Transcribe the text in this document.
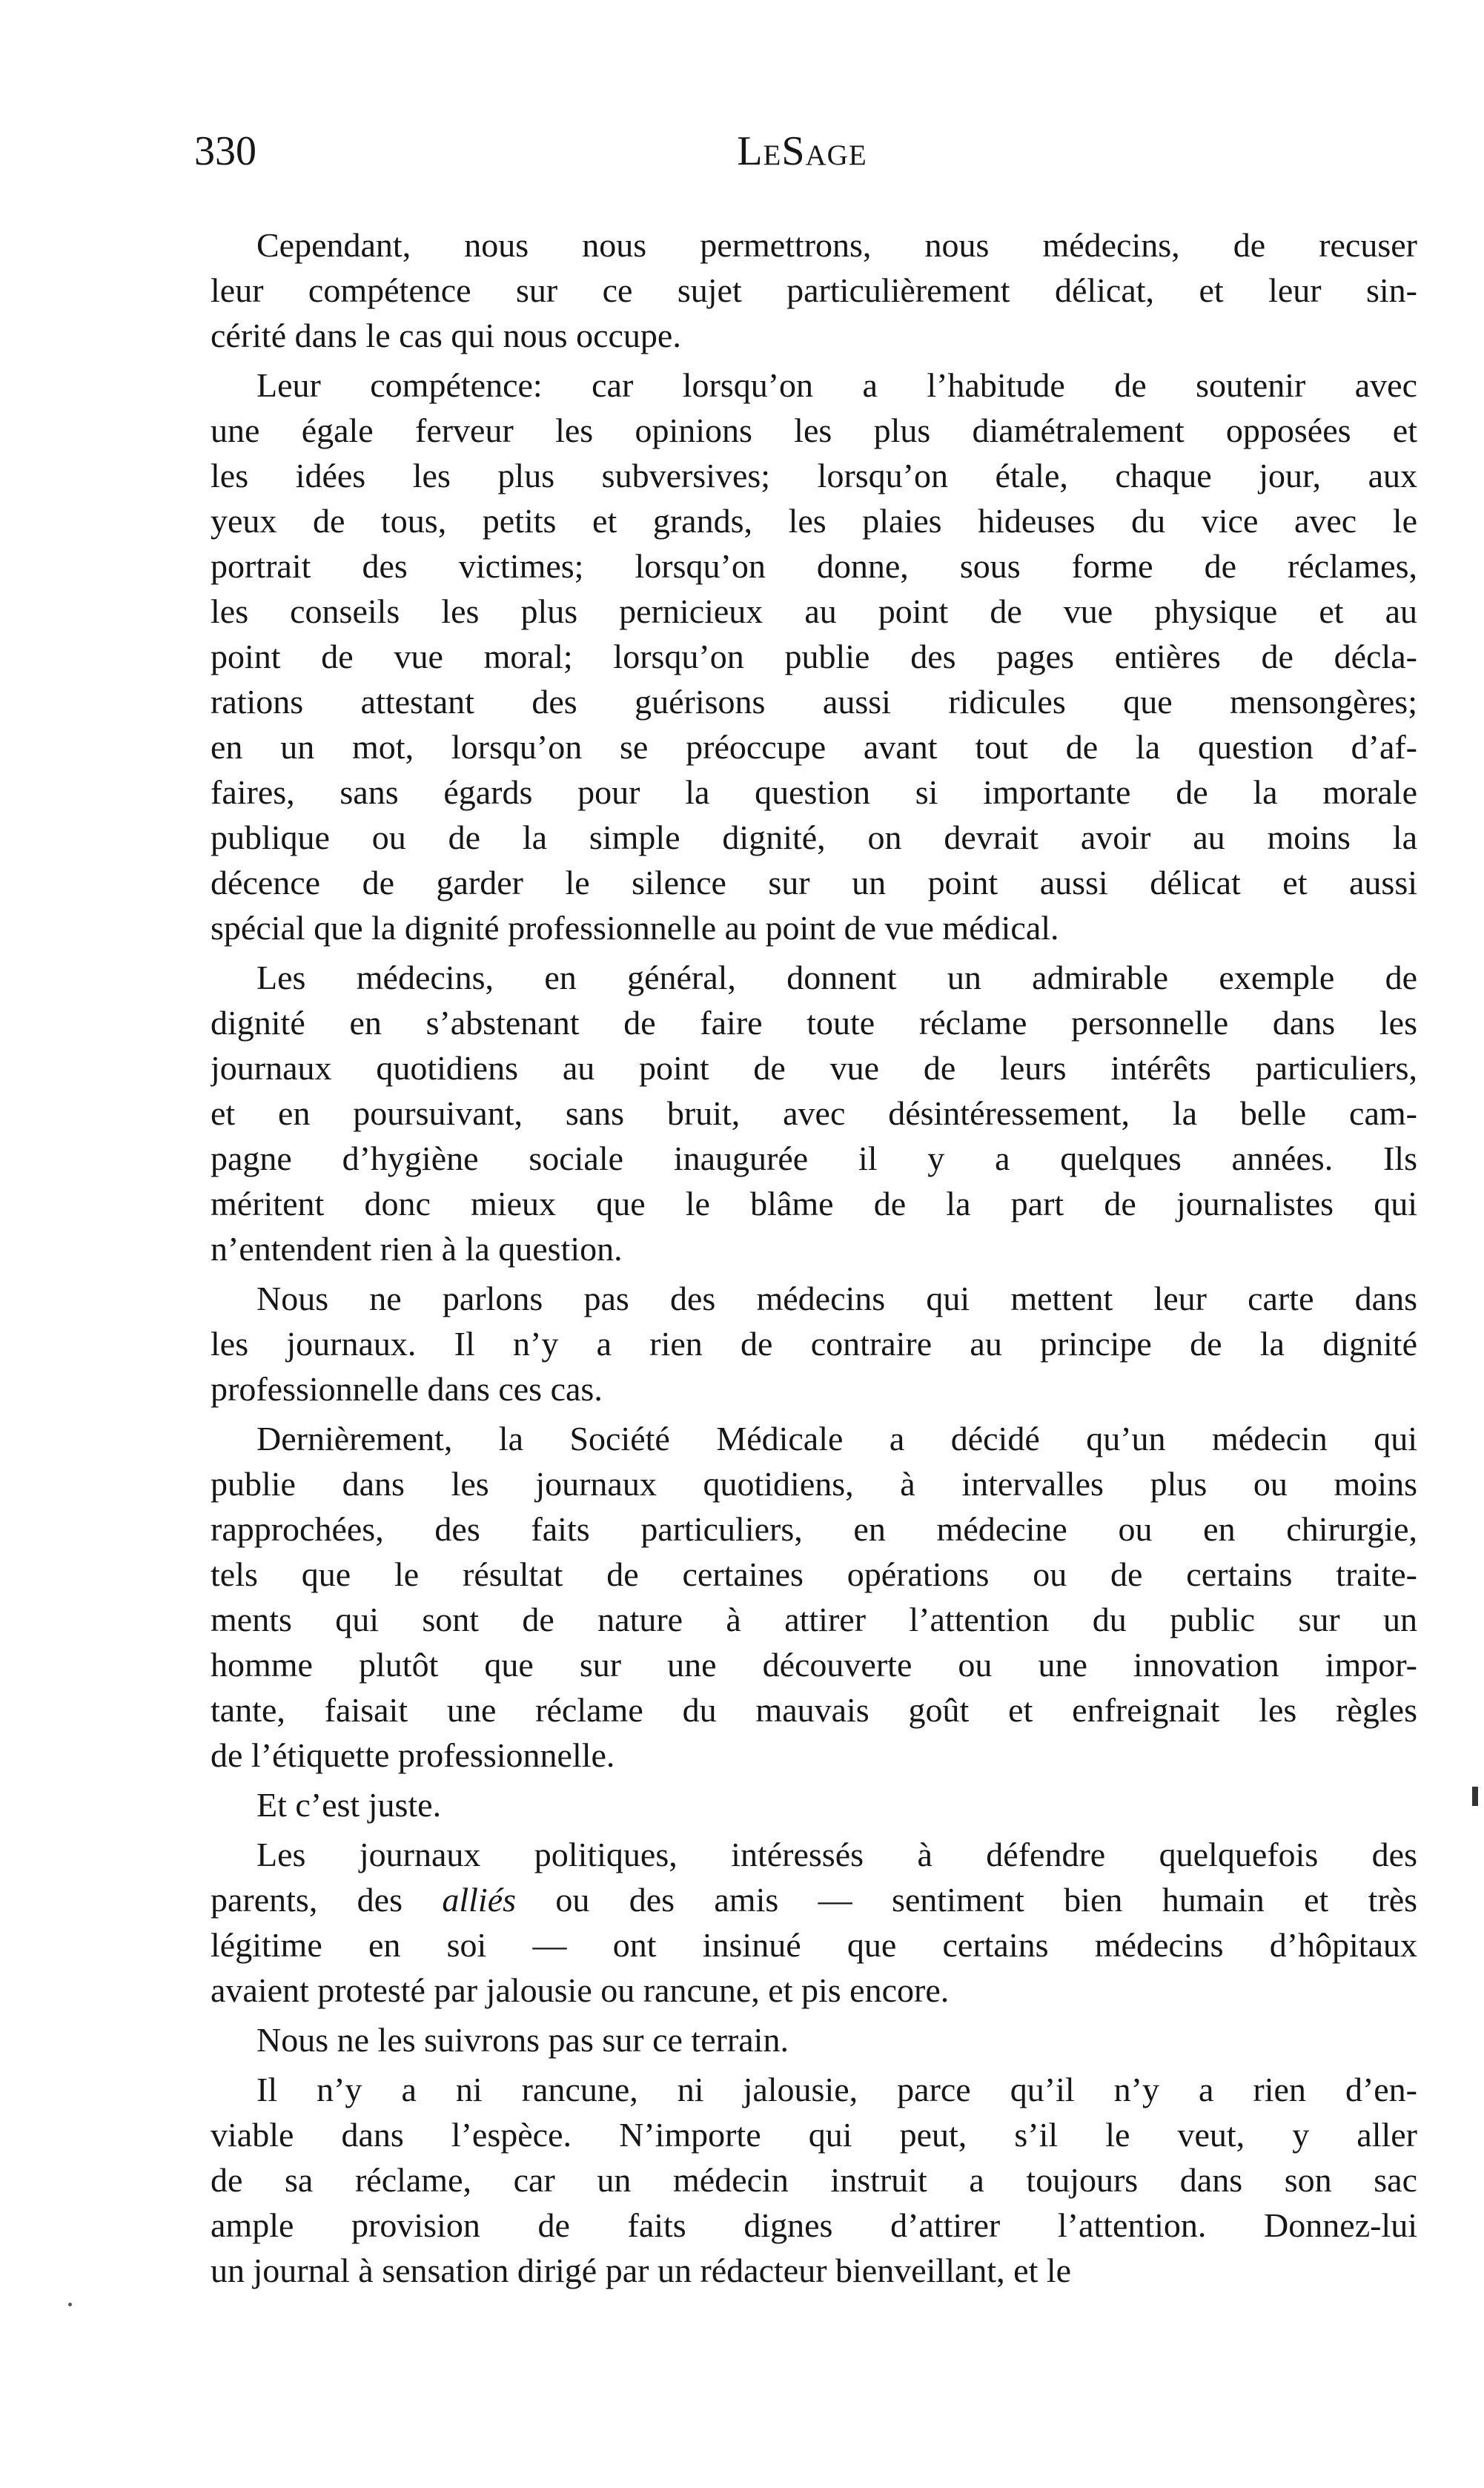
330	LeSage
Cependant, nous nous permettrons, nous médecins, de recuser
leur compétence sur ce sujet particulièrement délicat, et leur sin-
cérité dans le cas qui nous occupe.
Leur compétence: car lorsqu’on a l’habitude de soutenir avec
une égale ferveur les opinions les plus diamétralement opposées et
les idées les plus subversives; lorsqu’on étale, chaque jour, aux
yeux de tous, petits et grands, les plaies hideuses du vice avec le
portrait des victimes; lorsqu’on donne, sous forme de réclames,
les conseils les plus pernicieux au point de vue physique et au
point de vue moral; lorsqu’on publie des pages entières de décla-
rations attestant des guérisons aussi ridicules que mensongères;
en un mot, lorsqu’on se préoccupe avant tout de la question d’af-
faires, sans égards pour la question si importante de la morale
publique ou de la simple dignité, on devrait avoir au moins la
décence de garder le silence sur un point aussi délicat et aussi
spécial que la dignité professionnelle au point de vue médical.
Les médecins, en général, donnent un admirable exemple de
dignité en s’abstenant de faire toute réclame personnelle dans les
journaux quotidiens au point de vue de leurs intérêts particuliers,
et en poursuivant, sans bruit, avec désintéressement, la belle cam-
pagne d’hygiène sociale inaugurée il y a quelques années. Ils
méritent donc mieux que le blâme de la part de journalistes qui
n’entendent rien à la question.
Nous ne parlons pas des médecins qui mettent leur carte dans
les journaux. Il n’y a rien de contraire au principe de la dignité
professionnelle dans ces cas.
Dernièrement, la Société Médicale a décidé qu’un médecin qui
publie dans les journaux quotidiens, à intervalles plus ou moins
rapprochées, des faits particuliers, en médecine ou en chirurgie,
tels que le résultat de certaines opérations ou de certains traite-
ments qui sont de nature à attirer l’attention du public sur un
homme plutôt que sur une découverte ou une innovation impor-
tante, faisait une réclame du mauvais goût et enfreignait les règles
de l’étiquette professionnelle.
Et c’est juste.
Les journaux politiques, intéressés à défendre quelquefois des
parents, des alliés ou des amis — sentiment bien humain et très
légitime en soi — ont insinué que certains médecins d’hôpitaux
avaient protesté par jalousie ou rancune, et pis encore.
Nous ne les suivrons pas sur ce terrain.
Il n’y a ni rancune, ni jalousie, parce qu’il n’y a rien d’en-
viable dans l’espèce. N’importe qui peut, s’il le veut, y aller
de sa réclame, car un médecin instruit a toujours dans son sac
ample provision de faits dignes d’attirer l’attention. Donnez-lui
un journal à sensation dirigé par un rédacteur bienveillant, et le
